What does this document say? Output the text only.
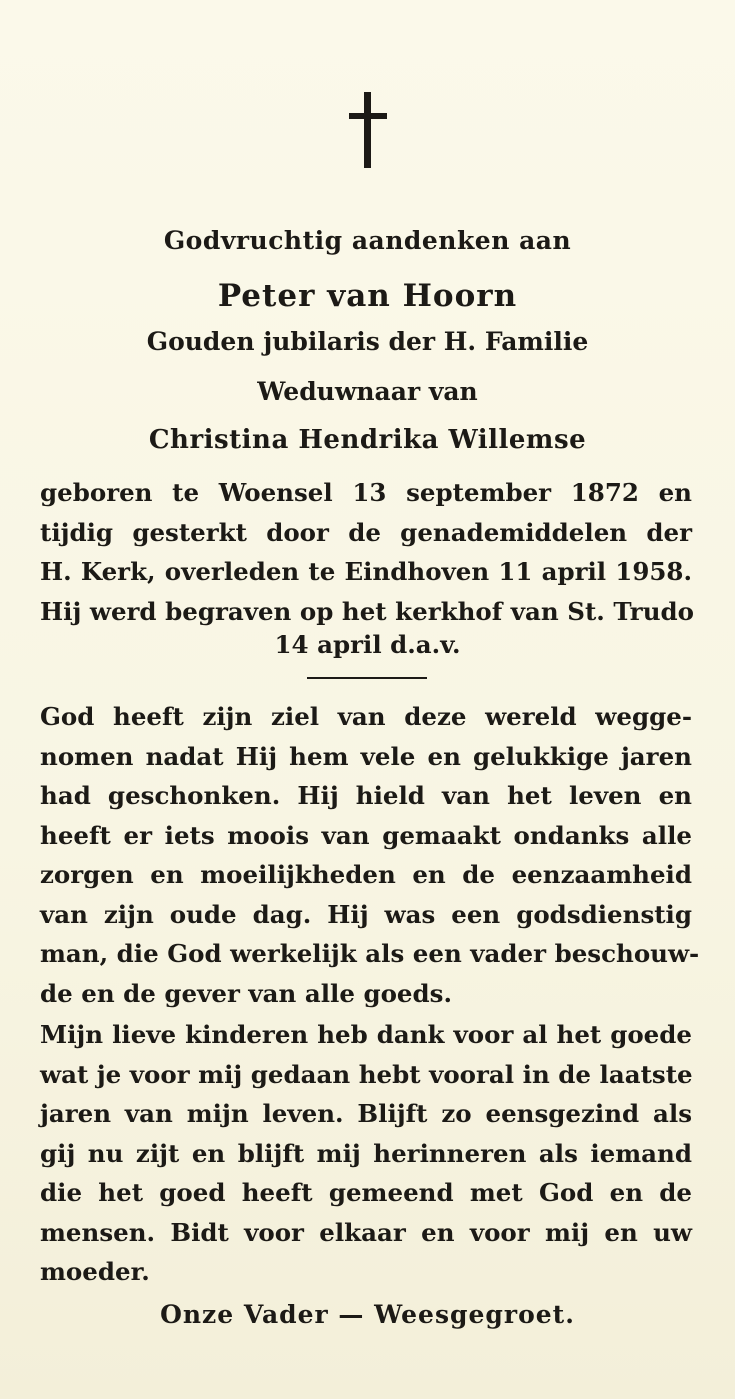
Godvruchtig aandenken aan
Peter van Hoorn
Gouden jubilaris der H. Familie
Weduwnaar van
Christina Hendrika Willemse
geboren te Woensel 13 september 1872 en
tijdig gesterkt door de genademiddelen der
H. Kerk, overleden te Eindhoven 11 april 1958.
Hij werd begraven op het kerkhof van St. Trudo
14 april d.a.v.
God heeft zijn ziel van deze wereld wegge-
nomen nadat Hij hem vele en gelukkige jaren
had geschonken. Hij hield van het leven en
heeft er iets moois van gemaakt ondanks alle
zorgen en moeilijkheden en de eenzaamheid
van zijn oude dag. Hij was een godsdienstig
man, die God werkelijk als een vader beschouw-
de en de gever van alle goeds.
Mijn lieve kinderen heb dank voor al het goede
wat je voor mij gedaan hebt vooral in de laatste
jaren van mijn leven. Blijft zo eensgezind als
gij nu zijt en blijft mij herinneren als iemand
die het goed heeft gemeend met God en de
mensen. Bidt voor elkaar en voor mij en uw
moeder.
Onze Vader — Weesgegroet.
